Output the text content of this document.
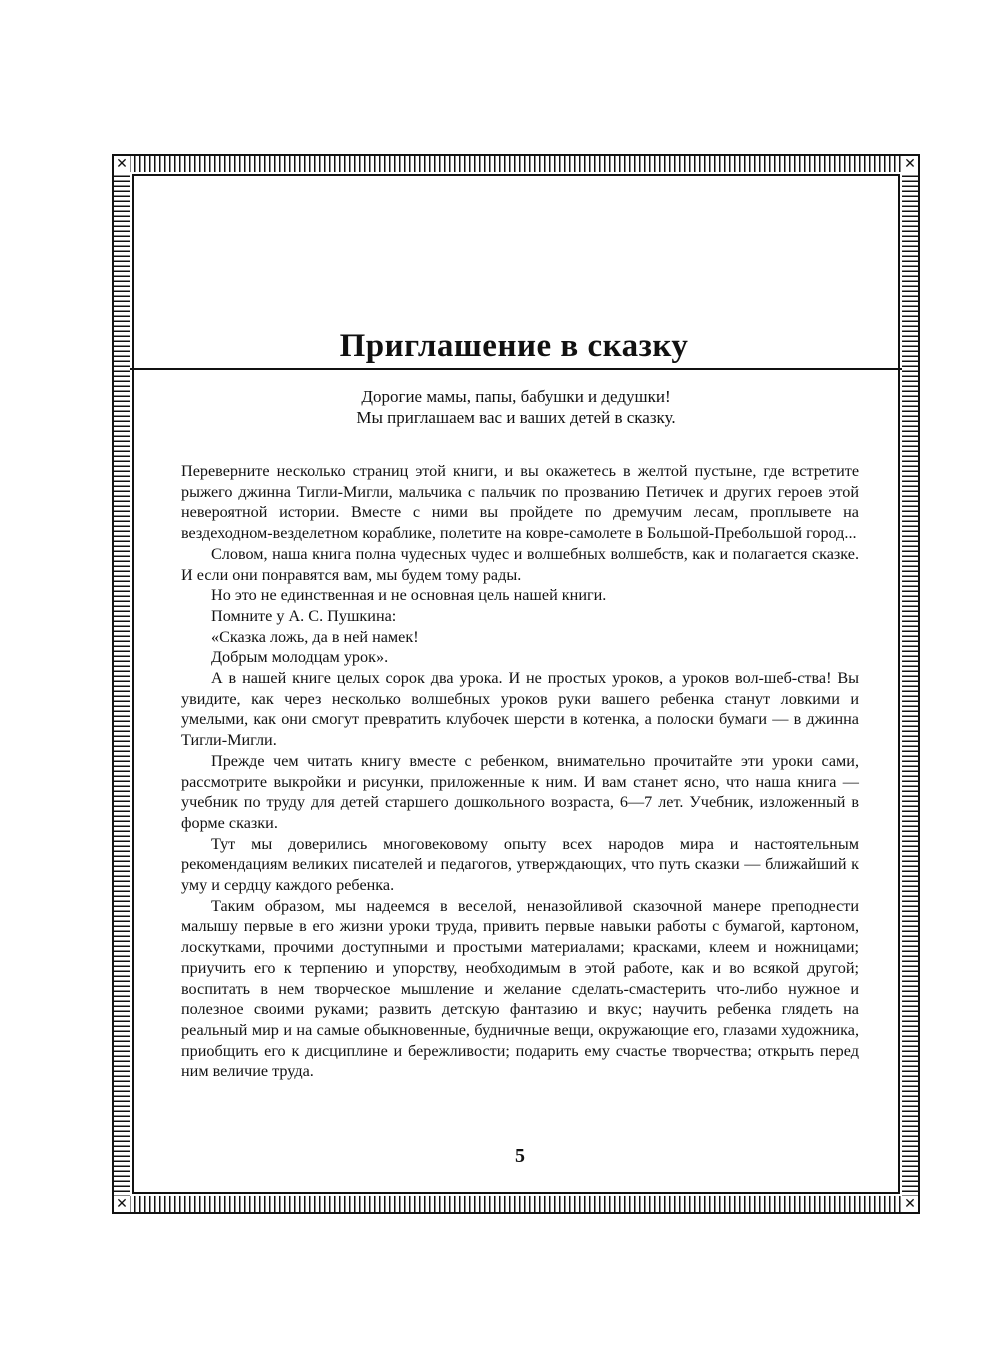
✕	✕
✕	✕
Приглашение в сказку
Дорогие мамы, папы, бабушки и дедушки!
Мы приглашаем вас и ваших детей в сказку.

Переверните несколько страниц этой книги, и вы окажетесь в желтой пустыне, где встретите рыжего джинна Тигли-Мигли, мальчика с пальчик по прозванию Петичек и других героев этой невероятной истории. Вместе с ними вы пройдете по дремучим лесам, проплывете на вездеходном-везделетном кораблике, полетите на ковре-самолете в Большой-Пребольшой город...

Словом, наша книга полна чудесных чудес и волшебных волшебств, как и полагается сказке. И если они понравятся вам, мы будем тому рады.

Но это не единственная и не основная цель нашей книги.

Помните у А. С. Пушкина:

«Сказка ложь, да в ней намек!
Добрым молодцам урок».

А в нашей книге целых сорок два урока. И не простых уроков, а уроков вол-шеб-ства! Вы увидите, как через несколько волшебных уроков руки вашего ребенка станут ловкими и умелыми, как они смогут превратить клубочек шерсти в котенка, а полоски бумаги — в джинна Тигли-Мигли.

Прежде чем читать книгу вместе с ребенком, внимательно прочитайте эти уроки сами, рассмотрите выкройки и рисунки, приложенные к ним. И вам станет ясно, что наша книга — учебник по труду для детей старшего дошкольного возраста, 6—7 лет. Учебник, изложенный в форме сказки.

Тут мы доверились многовековому опыту всех народов мира и настоятельным рекомендациям великих писателей и педагогов, утверждающих, что путь сказки — ближайший к уму и сердцу каждого ребенка.

Таким образом, мы надеемся в веселой, неназойливой сказочной манере преподнести малышу первые в его жизни уроки труда, привить первые навыки работы с бумагой, картоном, лоскутками, прочими доступными и простыми материалами; красками, клеем и ножницами; приучить его к терпению и упорству, необходимым в этой работе, как и во всякой другой; воспитать в нем творческое мышление и желание сделать-смастерить что-либо нужное и полезное своими руками; развить детскую фантазию и вкус; научить ребенка глядеть на реальный мир и на самые обыкновенные, будничные вещи, окружающие его, глазами художника, приобщить его к дисциплине и бережливости; подарить ему счастье творчества; открыть перед ним величие труда.

5
